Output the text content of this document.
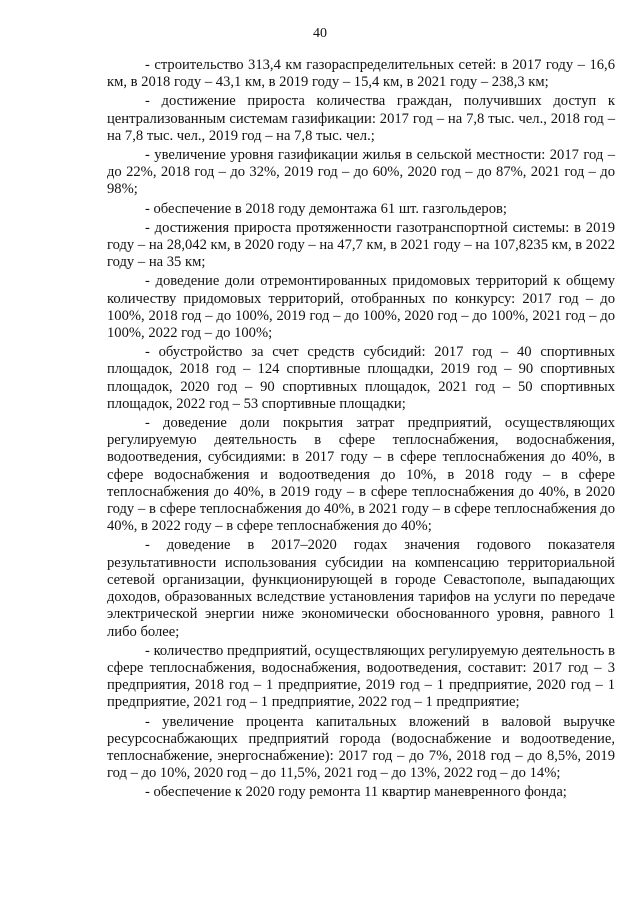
40

- строительство 313,4 км газораспределительных сетей: в 2017 году – 16,6 км, в 2018 году – 43,1 км, в 2019 году – 15,4 км, в 2021 году – 238,3 км;

- достижение прироста количества граждан, получивших доступ к централизованным системам газификации: 2017 год – на 7,8 тыс. чел., 2018 год – на 7,8 тыс. чел., 2019 год – на 7,8 тыс. чел.;

- увеличение уровня газификации жилья в сельской местности: 2017 год – до 22%, 2018 год – до 32%, 2019 год – до 60%, 2020 год – до 87%, 2021 год – до 98%;

- обеспечение в 2018 году демонтажа 61 шт. газгольдеров;

- достижения прироста протяженности газотранспортной системы: в 2019 году – на 28,042 км, в 2020 году – на 47,7 км, в 2021 году – на 107,8235 км, в 2022 году – на 35 км;

- доведение доли отремонтированных придомовых территорий к общему количеству придомовых территорий, отобранных по конкурсу: 2017 год – до 100%, 2018 год – до 100%, 2019 год – до 100%, 2020 год – до 100%, 2021 год – до 100%, 2022 год – до 100%;

- обустройство за счет средств субсидий: 2017 год – 40 спортивных площадок, 2018 год – 124 спортивные площадки, 2019 год – 90 спортивных площадок, 2020 год – 90 спортивных площадок, 2021 год – 50 спортивных площадок, 2022 год – 53 спортивные площадки;

- доведение доли покрытия затрат предприятий, осуществляющих регулируемую деятельность в сфере теплоснабжения, водоснабжения, водоотведения, субсидиями: в 2017 году – в сфере теплоснабжения до 40%, в сфере водоснабжения и водоотведения до 10%, в 2018 году – в сфере теплоснабжения до 40%, в 2019 году – в сфере теплоснабжения до 40%, в 2020 году – в сфере теплоснабжения до 40%, в 2021 году – в сфере теплоснабжения до 40%, в 2022 году – в сфере теплоснабжения до 40%;

- доведение в 2017–2020 годах значения годового показателя результативности использования субсидии на компенсацию территориальной сетевой организации, функционирующей в городе Севастополе, выпадающих доходов, образованных вследствие установления тарифов на услуги по передаче электрической энергии ниже экономически обоснованного уровня, равного 1 либо более;

- количество предприятий, осуществляющих регулируемую деятельность в сфере теплоснабжения, водоснабжения, водоотведения, составит: 2017 год – 3 предприятия, 2018 год – 1 предприятие, 2019 год – 1 предприятие, 2020 год – 1 предприятие, 2021 год – 1 предприятие, 2022 год – 1 предприятие;

- увеличение процента капитальных вложений в валовой выручке ресурсоснабжающих предприятий города (водоснабжение и водоотведение, теплоснабжение, энергоснабжение): 2017 год – до 7%, 2018 год – до 8,5%, 2019 год – до 10%, 2020 год – до 11,5%, 2021 год – до 13%, 2022 год – до 14%;

- обеспечение к 2020 году ремонта 11 квартир маневренного фонда;
